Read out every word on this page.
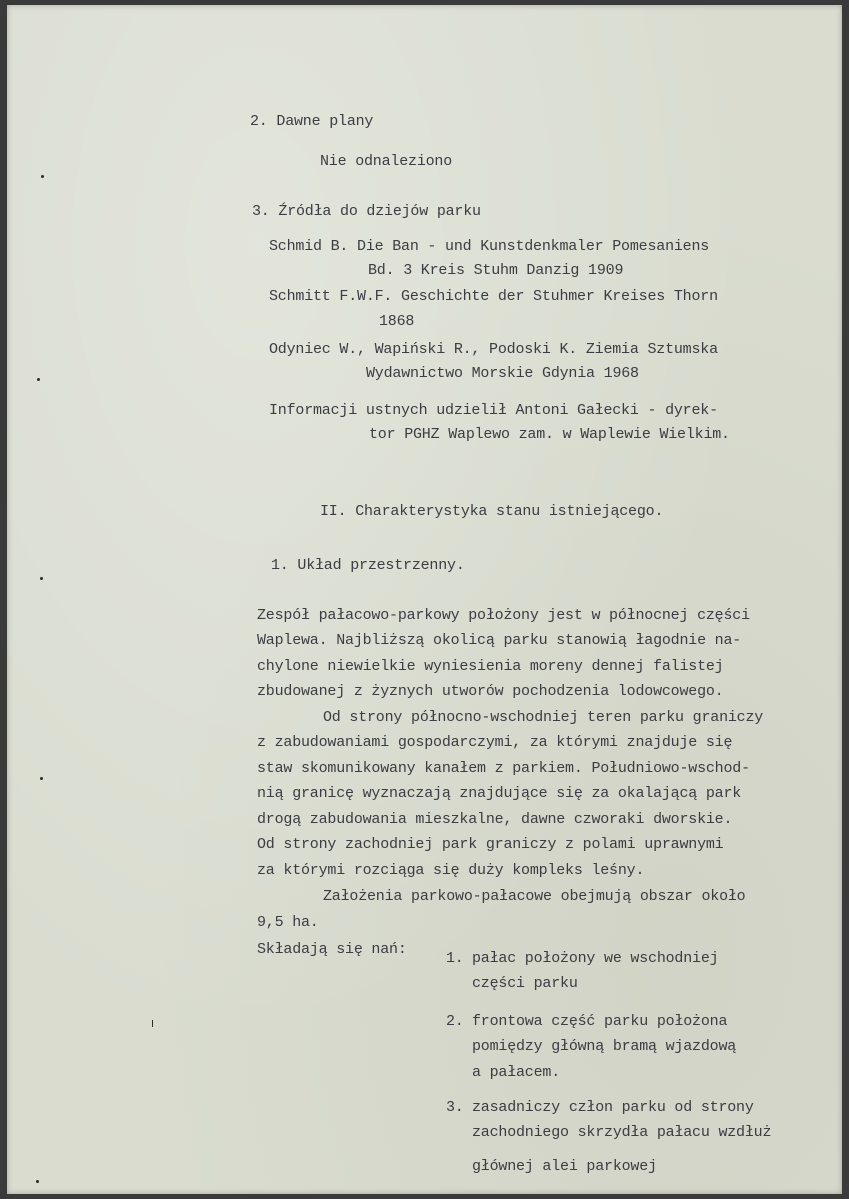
2. Dawne plany
Nie odnaleziono
3. Źródła do dziejów parku
Schmid B. Die Ban - und Kunstdenkmaler Pomesaniens
Bd. 3 Kreis Stuhm Danzig 1909
Schmitt F.W.F. Geschichte der Stuhmer Kreises Thorn
1868
Odyniec W., Wapiński R., Podoski K. Ziemia Sztumska
Wydawnictwo Morskie Gdynia 1968
Informacji ustnych udzielił Antoni Gałecki - dyrek-
tor PGHZ Waplewo zam. w Waplewie Wielkim.
II. Charakterystyka stanu istniejącego.
1. Układ przestrzenny.
Zespół pałacowo-parkowy położony jest w północnej części
Waplewa. Najbliższą okolicą parku stanowią łagodnie na-
chylone niewielkie wyniesienia moreny dennej falistej
zbudowanej z żyznych utworów pochodzenia lodowcowego.
Od strony północno-wschodniej teren parku graniczy
z zabudowaniami gospodarczymi, za którymi znajduje się
staw skomunikowany kanałem z parkiem. Południowo-wschod-
nią granicę wyznaczają znajdujące się za okalającą park
drogą zabudowania mieszkalne, dawne czworaki dworskie.
Od strony zachodniej park graniczy z polami uprawnymi
za którymi rozciąga się duży kompleks leśny.
Założenia parkowo-pałacowe obejmują obszar około
9,5 ha.
Składają się nań:
1. pałac położony we wschodniej
części parku
2. frontowa część parku położona
pomiędzy główną bramą wjazdową
a pałacem.
3. zasadniczy człon parku od strony
zachodniego skrzydła pałacu wzdłuż
głównej alei parkowej
